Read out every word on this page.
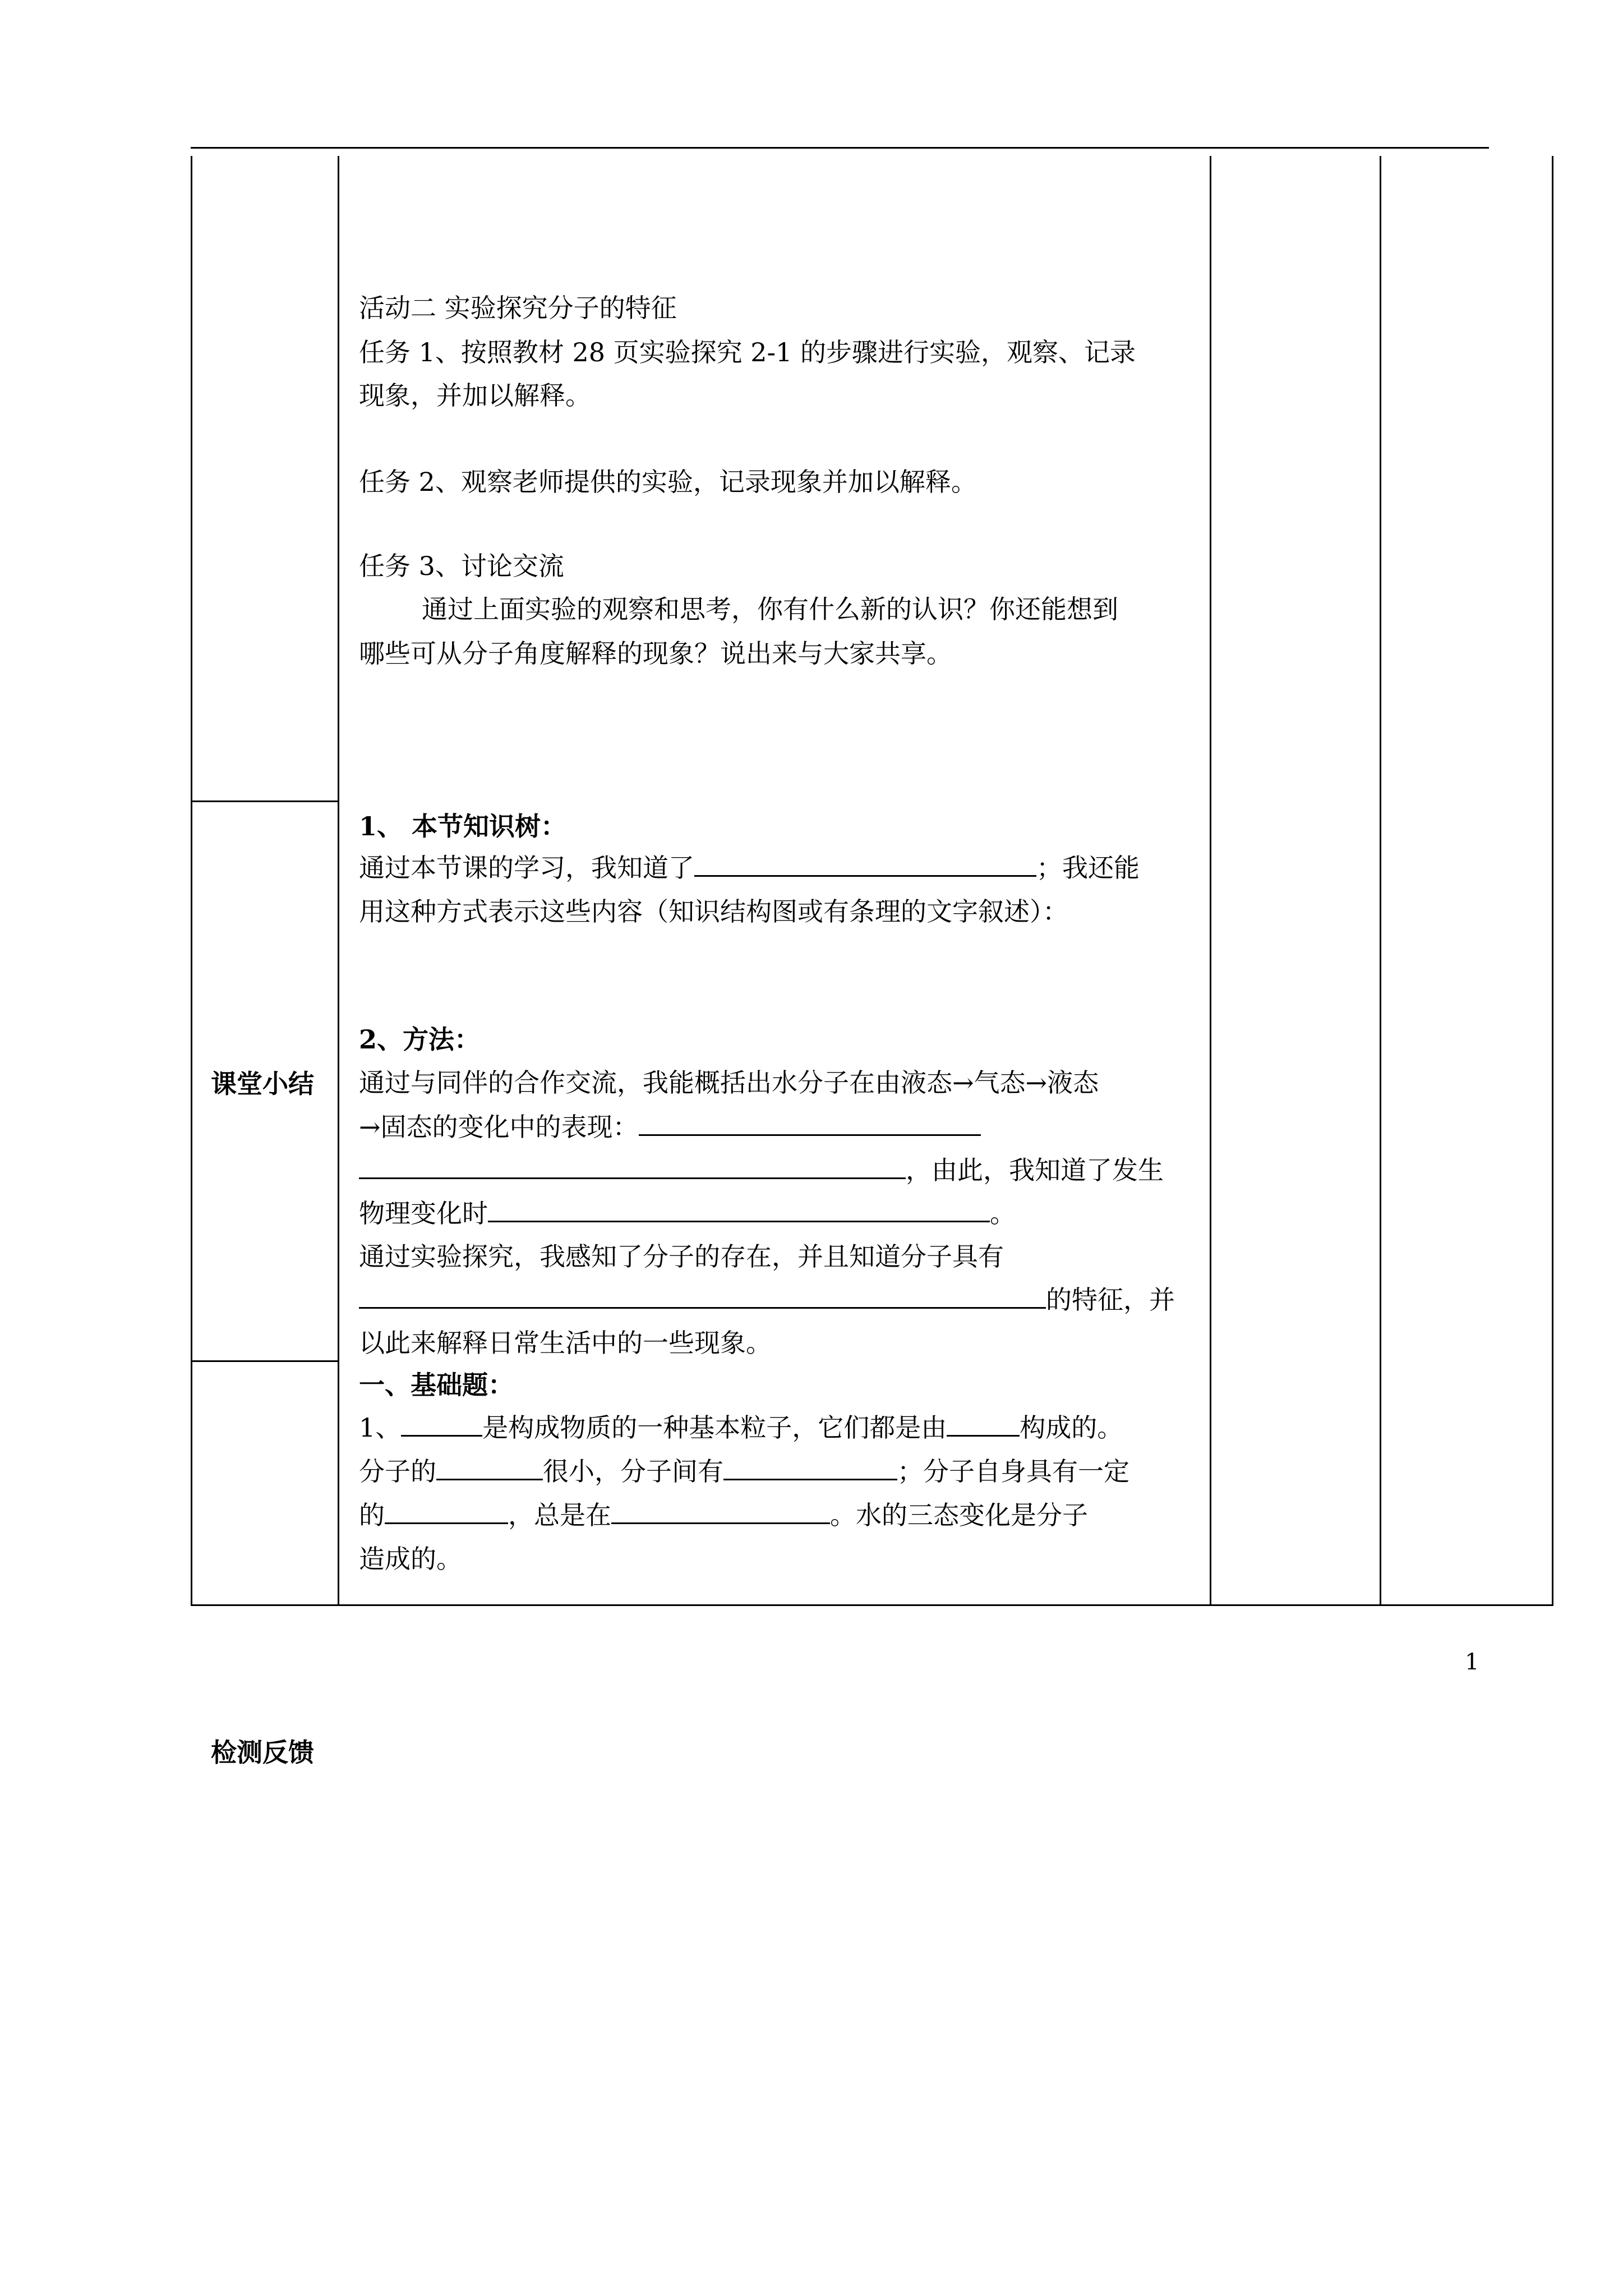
课堂小结
检测反馈
活动二 实验探究分子的特征
任务 1、按照教材 28 页实验探究 2-1 的步骤进行实验，观察、记录
现象，并加以解释。
任务 2、观察老师提供的实验，记录现象并加以解释。
任务 3、讨论交流
通过上面实验的观察和思考，你有什么新的认识？你还能想到
哪些可从分子角度解释的现象？说出来与大家共享。
1、 本节知识树：
通过本节课的学习，我知道了	；我还能
用这种方式表示这些内容（知识结构图或有条理的文字叙述）：
2、方法：
通过与同伴的合作交流，我能概括出水分子在由液态→气态→液态
→固态的变化中的表现：
，由此，我知道了发生
物理变化时	。
通过实验探究，我感知了分子的存在，并且知道分子具有
的特征，并
以此来解释日常生活中的一些现象。
一、基础题：
1、	是构成物质的一种基本粒子，它们都是由	构成的。
分子的	很小，分子间有	；分子自身具有一定
的	，总是在	。水的三态变化是分子
造成的。
1
